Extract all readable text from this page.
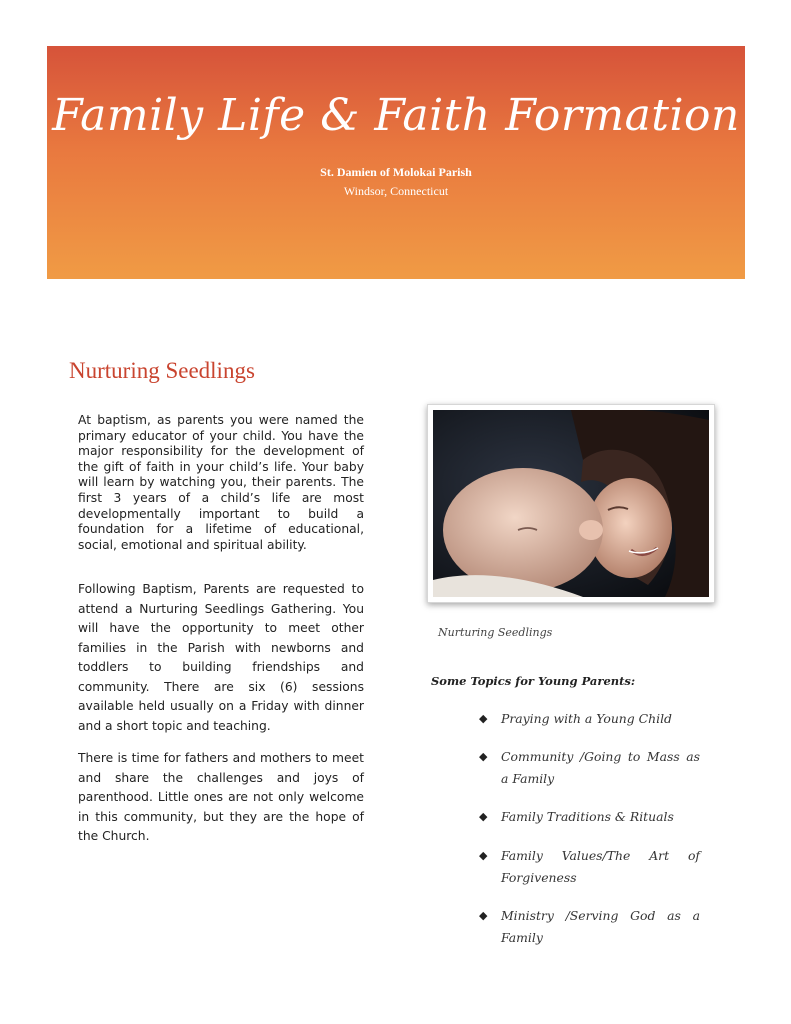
Family Life & Faith Formation
St. Damien of Molokai Parish
Windsor, Connecticut
Nurturing Seedlings
At baptism, as parents you were named the primary educator of your child. You have the major responsibility for the development of the gift of faith in your child’s life. Your baby will learn by watching you, their parents. The first 3 years of a child’s life are most developmentally important to build a foundation for a lifetime of educational, social, emotional and spiritual ability.
Following Baptism, Parents are requested to attend a Nurturing Seedlings Gathering. You will have the opportunity to meet other families in the Parish with newborns and toddlers to building friendships and community. There are six (6) sessions available held usually on a Friday with dinner and a short topic and teaching.
There is time for fathers and mothers to meet and share the challenges and joys of parenthood. Little ones are not only welcome in this community, but they are the hope of the Church.
Nurturing Seedlings
Some Topics for Young Parents:
◆ Praying with a Young Child
◆ Community /Going to Mass as a Family
◆ Family Traditions & Rituals
◆ Family Values/The Art of Forgiveness
◆ Ministry /Serving God as a Family
